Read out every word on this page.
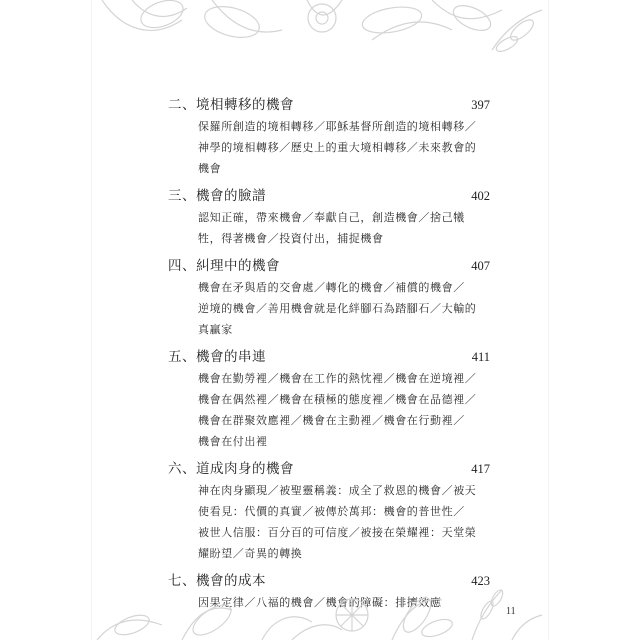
二、境相轉移的機會	397
保羅所創造的境相轉移／耶穌基督所創造的境相轉移／
神學的境相轉移／歷史上的重大境相轉移／未來教會的
機會
三、機會的臉譜	402
認知正確，帶來機會／奉獻自己，創造機會／捨己犧
牲，得著機會／投資付出，捕捉機會
四、糾理中的機會	407
機會在矛與盾的交會處／轉化的機會／補償的機會／
逆境的機會／善用機會就是化絆腳石為踏腳石／大輸的
真贏家
五、機會的串連	411
機會在勤勞裡／機會在工作的熱忱裡／機會在逆境裡／
機會在偶然裡／機會在積極的態度裡／機會在品德裡／
機會在群聚效應裡／機會在主動裡／機會在行動裡／
機會在付出裡
六、道成肉身的機會	417
神在肉身顯現／被聖靈稱義：成全了救恩的機會／被天
使看見：代價的真實／被傳於萬邦：機會的普世性／
被世人信服：百分百的可信度／被接在榮耀裡：天堂榮
耀盼望／奇異的轉換
七、機會的成本	423
因果定律／八福的機會／機會的障礙：排擠效應
11
